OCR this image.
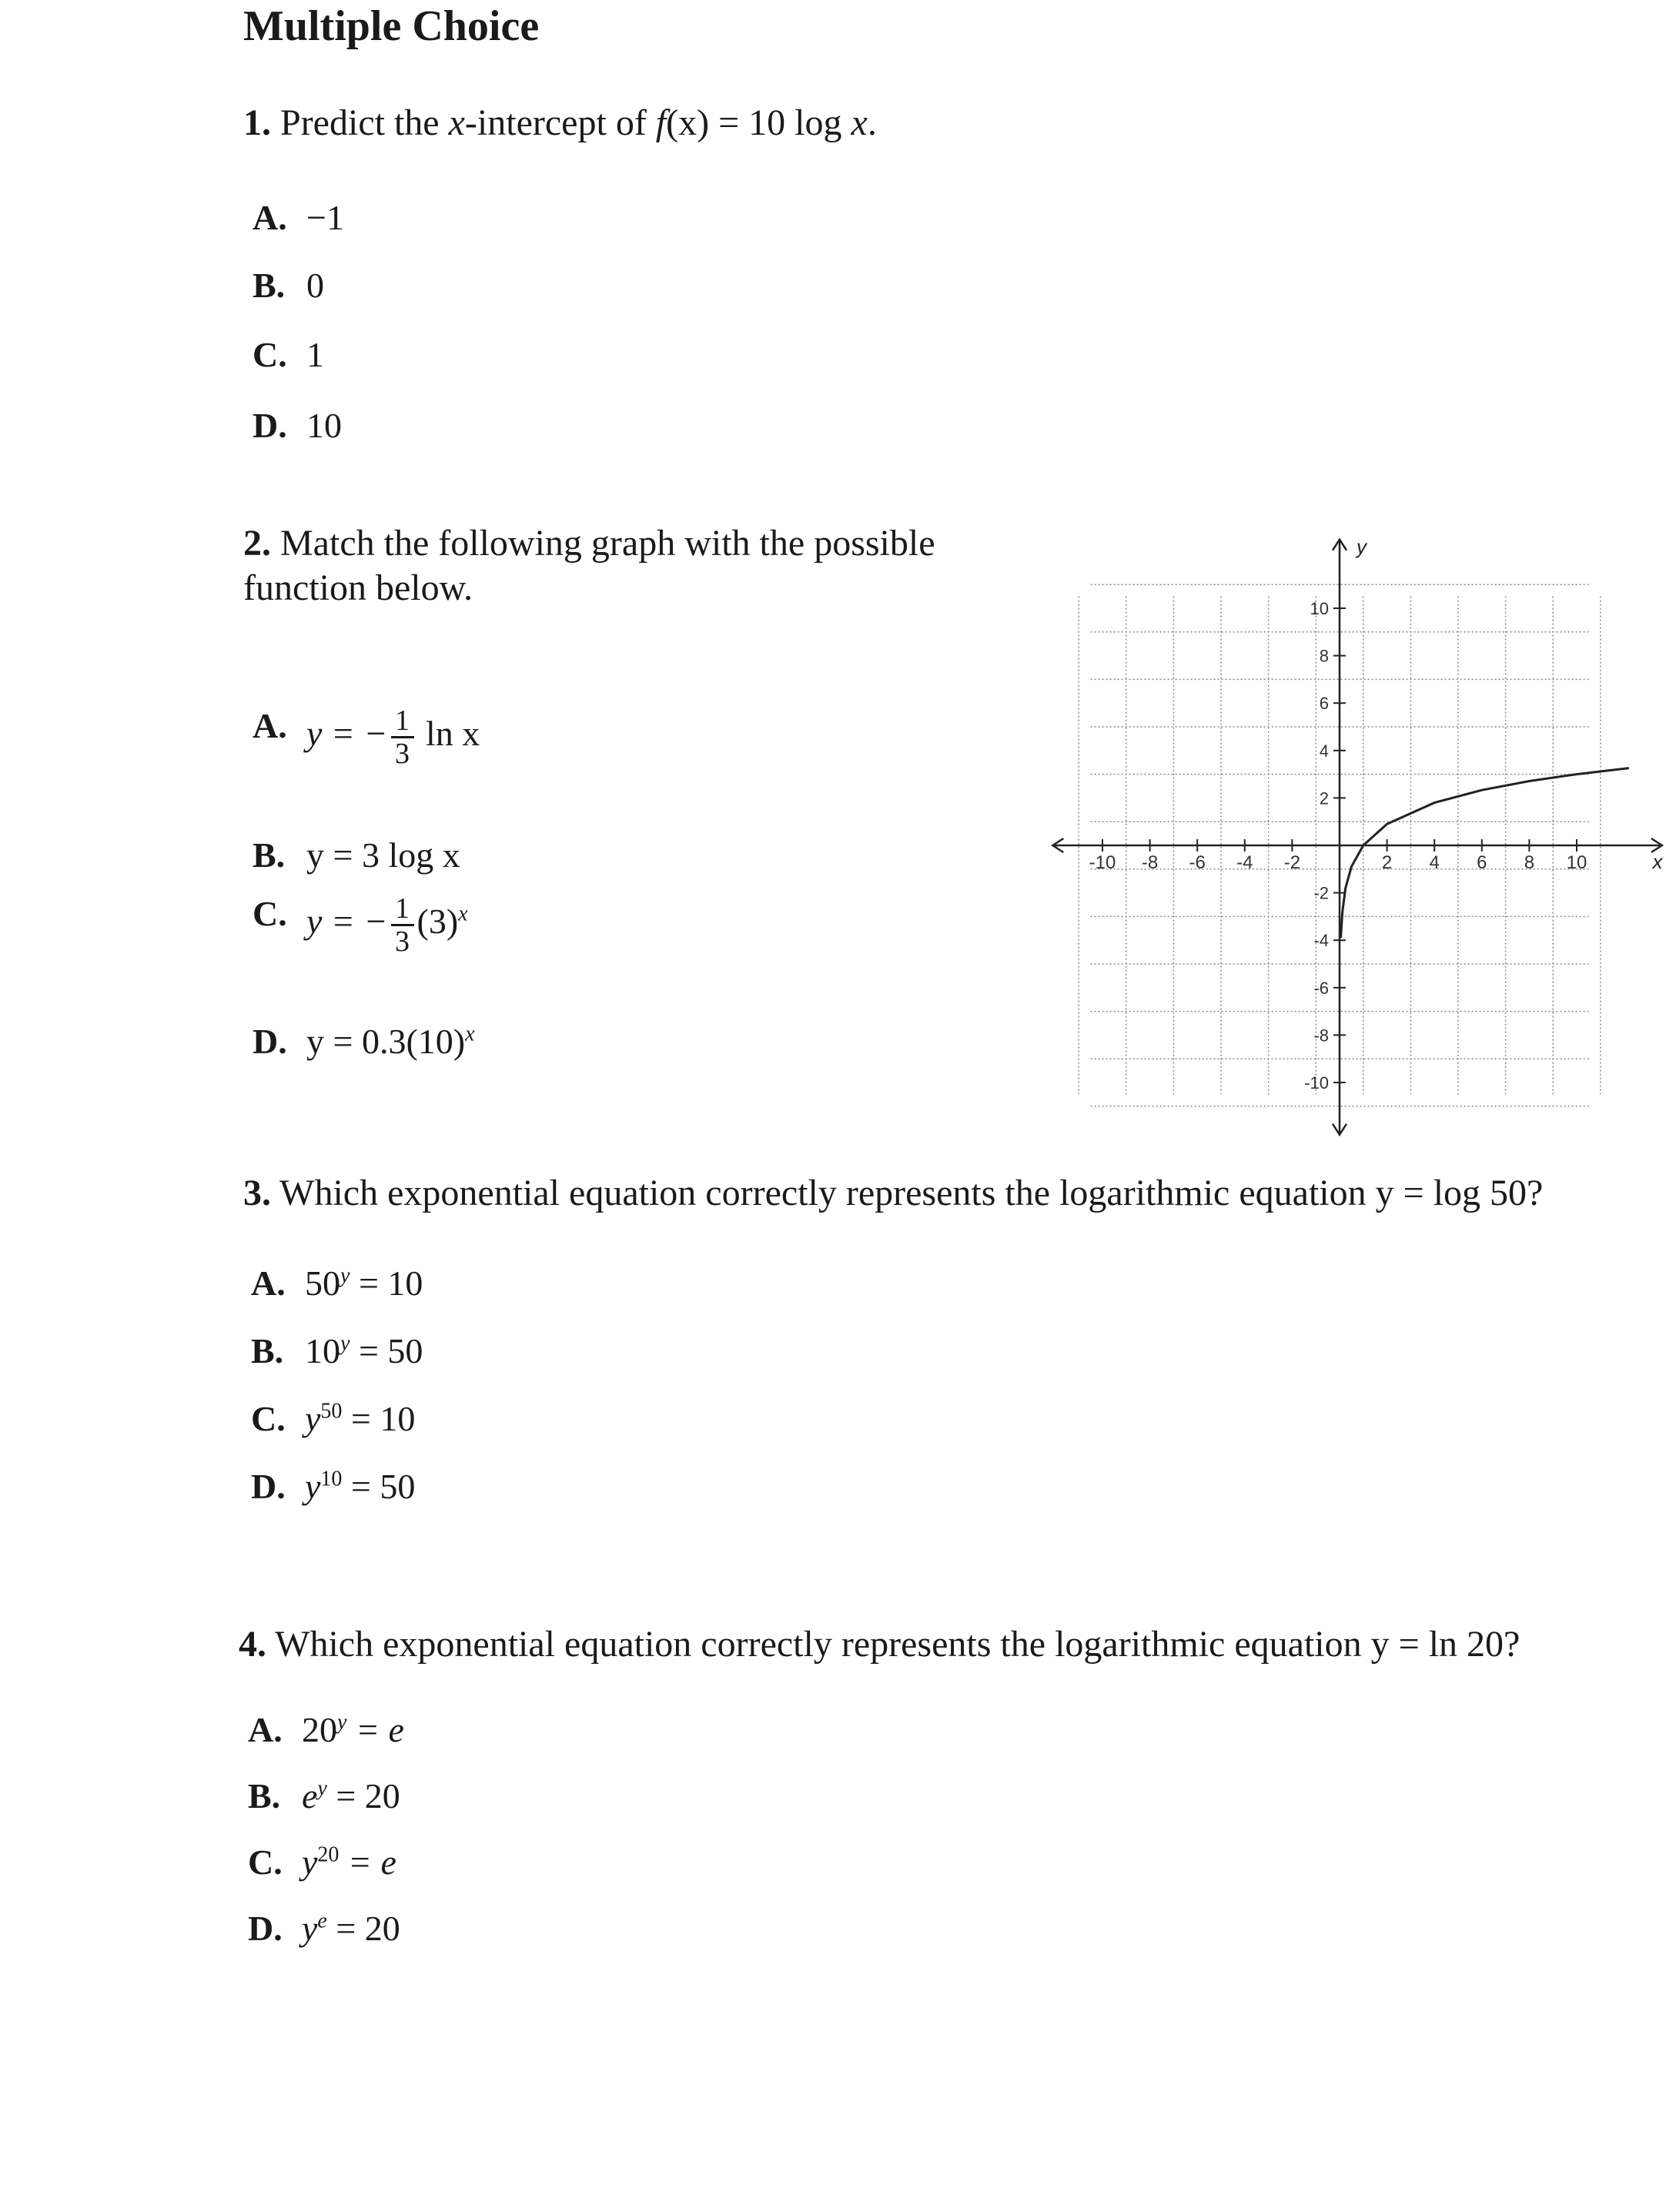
Multiple Choice
1. Predict the x-intercept of f(x) = 10 log x.
A. −1
B. 0
C. 1
D. 10
2. Match the following graph with the possible
function below.
A. y = − $\frac{1}{3}$ ln x
B. y = 3 log x
C. y = − $\frac{1}{3} (3)^x$
D. $y = 0.3(10)^x$
-10 -8 -6 -4 -2	2 4 6 8 10
-10
-8
-6
-4
-2
2
4
6
8
10
x
y
3. Which exponential equation correctly represents the logarithmic equation y = log 50?
A. $50^y = 10$
B. $10^y = 50$
C. $y^{50} = 10$
D. $y^{10} = 50$
4. Which exponential equation correctly represents the logarithmic equation y = ln 20?
A. $20^y = e$
B. $e^y = 20$
C. $y^{20} = e$
D. $y^e = 20$
